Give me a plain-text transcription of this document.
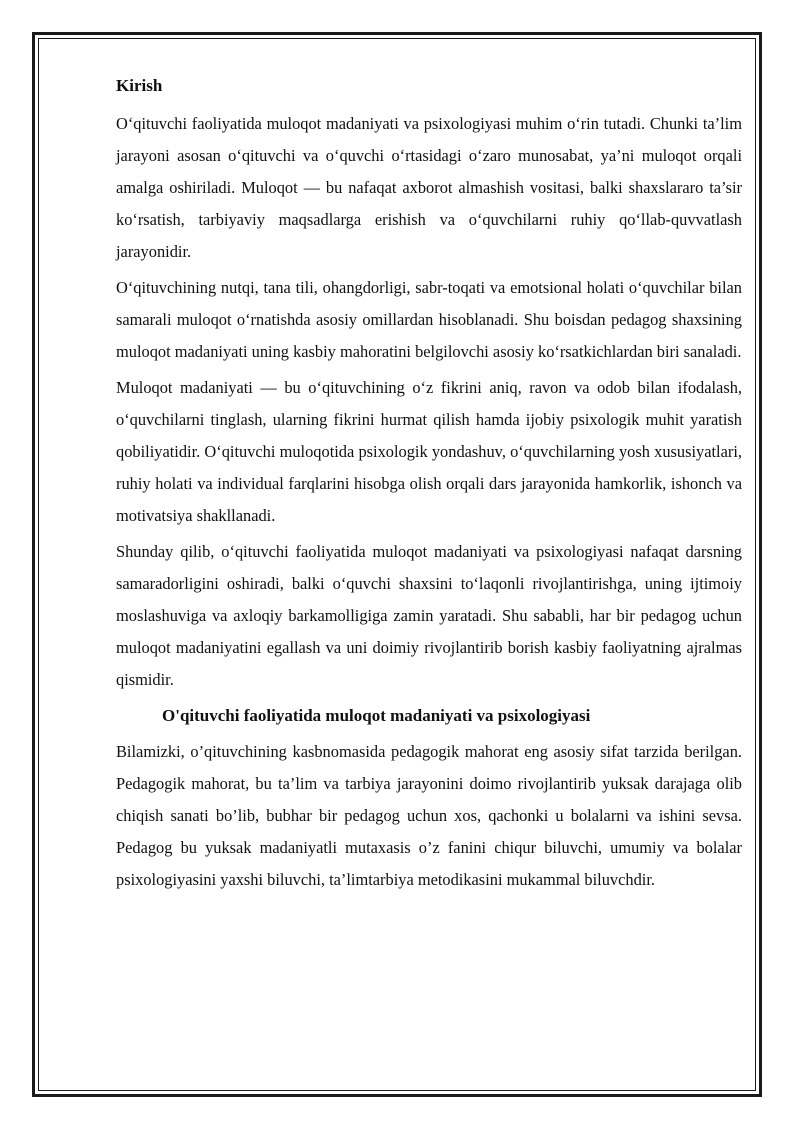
Kirish

O‘qituvchi faoliyatida muloqot madaniyati va psixologiyasi muhim o‘rin tutadi. Chunki ta’lim jarayoni asosan o‘qituvchi va o‘quvchi o‘rtasidagi o‘zaro munosabat, ya’ni muloqot orqali amalga oshiriladi. Muloqot — bu nafaqat axborot almashish vositasi, balki shaxslararo ta’sir ko‘rsatish, tarbiyaviy maqsadlarga erishish va o‘quvchilarni ruhiy qo‘llab-quvvatlash jarayonidir.

O‘qituvchining nutqi, tana tili, ohangdorligi, sabr-toqati va emotsional holati o‘quvchilar bilan samarali muloqot o‘rnatishda asosiy omillardan hisoblanadi. Shu boisdan pedagog shaxsining muloqot madaniyati uning kasbiy mahoratini belgilovchi asosiy ko‘rsatkichlardan biri sanaladi.

Muloqot madaniyati — bu o‘qituvchining o‘z fikrini aniq, ravon va odob bilan ifodalash, o‘quvchilarni tinglash, ularning fikrini hurmat qilish hamda ijobiy psixologik muhit yaratish qobiliyatidir. O‘qituvchi muloqotida psixologik yondashuv, o‘quvchilarning yosh xususiyatlari, ruhiy holati va individual farqlarini hisobga olish orqali dars jarayonida hamkorlik, ishonch va motivatsiya shakllanadi.

Shunday qilib, o‘qituvchi faoliyatida muloqot madaniyati va psixologiyasi nafaqat darsning samaradorligini oshiradi, balki o‘quvchi shaxsini to‘laqonli rivojlantirishga, uning ijtimoiy moslashuviga va axloqiy barkamolligiga zamin yaratadi. Shu sababli, har bir pedagog uchun muloqot madaniyatini egallash va uni doimiy rivojlantirib borish kasbiy faoliyatning ajralmas qismidir.

O'qituvchi faoliyatida muloqot madaniyati va psixologiyasi

Bilamizki, o’qituvchining kasbnomasida pedagogik mahorat eng asosiy sifat tarzida berilgan. Pedagogik mahorat, bu ta’lim va tarbiya jarayonini doimo rivojlantirib yuksak darajaga olib chiqish sanati bo’lib, bubhar bir pedagog uchun xos, qachonki u bolalarni va ishini sevsa. Pedagog bu yuksak madaniyatli mutaxasis o’z fanini chiqur biluvchi, umumiy va bolalar psixologiyasini yaxshi biluvchi, ta’limtarbiya metodikasini mukammal biluvchdir.
